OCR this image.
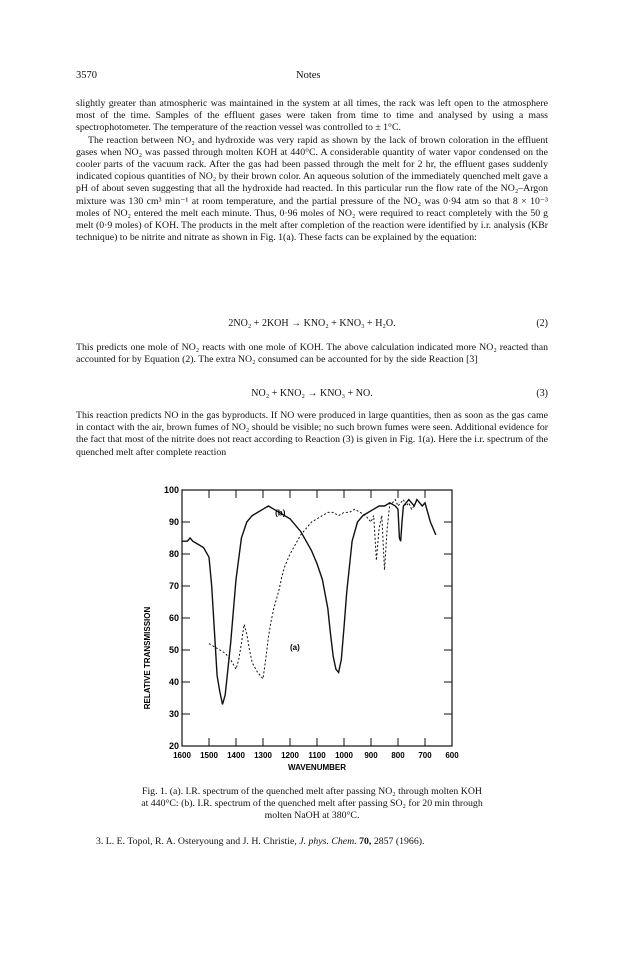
3570	Notes

slightly greater than atmospheric was maintained in the system at all times, the rack was left open to the atmosphere most of the time. Samples of the effluent gases were taken from time to time and analysed by using a mass spectrophotometer. The temperature of the reaction vessel was controlled to ± 1°C.

The reaction between NO₂ and hydroxide was very rapid as shown by the lack of brown coloration in the effluent gases when NO₂ was passed through molten KOH at 440°C. A considerable quantity of water vapor condensed on the cooler parts of the vacuum rack. After the gas had been passed through the melt for 2 hr, the effluent gases suddenly indicated copious quantities of NO₂ by their brown color. An aqueous solution of the immediately quenched melt gave a pH of about seven suggesting that all the hydroxide had reacted. In this particular run the flow rate of the NO₂–Argon mixture was 130 cm³ min⁻¹ at room temperature, and the partial pressure of the NO₂ was 0·94 atm so that 8 × 10⁻³ moles of NO₂ entered the melt each minute. Thus, 0·96 moles of NO₂ were required to react completely with the 50 g melt (0·9 moles) of KOH. The products in the melt after completion of the reaction were identified by i.r. analysis (KBr technique) to be nitrite and nitrate as shown in Fig. 1(a). These facts can be explained by the equation:

2NO₂ + 2KOH → KNO₂ + KNO₃ + H₂O.	(2)

This predicts one mole of NO₂ reacts with one mole of KOH. The above calculation indicated more NO₂ reacted than accounted for by Equation (2). The extra NO₂ consumed can be accounted for by the side Reaction [3]

NO₂ + KNO₂ → KNO₃ + NO.	(3)

This reaction predicts NO in the gas byproducts. If NO were produced in large quantities, then as soon as the gas came in contact with the air, brown fumes of NO₂ should be visible; no such brown fumes were seen. Additional evidence for the fact that most of the nitrite does not react according to Reaction (3) is given in Fig. 1(a). Here the i.r. spectrum of the quenched melt after complete reaction

1600 1500 1400 1300 1200 1100 1000 900 800 700 600
20
30
40
50
60
70
80
90
100
WAVENUMBER
RELATIVE TRANSMISSION
(b)
(a)
Fig. 1. (a). I.R. spectrum of the quenched melt after passing NO₂ through molten KOH
at 440°C: (b). I.R. spectrum of the quenched melt after passing SO₂ for 20 min through
molten NaOH at 380°C.
3. L. E. Topol, R. A. Osteryoung and J. H. Christie, J. phys. Chem. 70, 2857 (1966).
